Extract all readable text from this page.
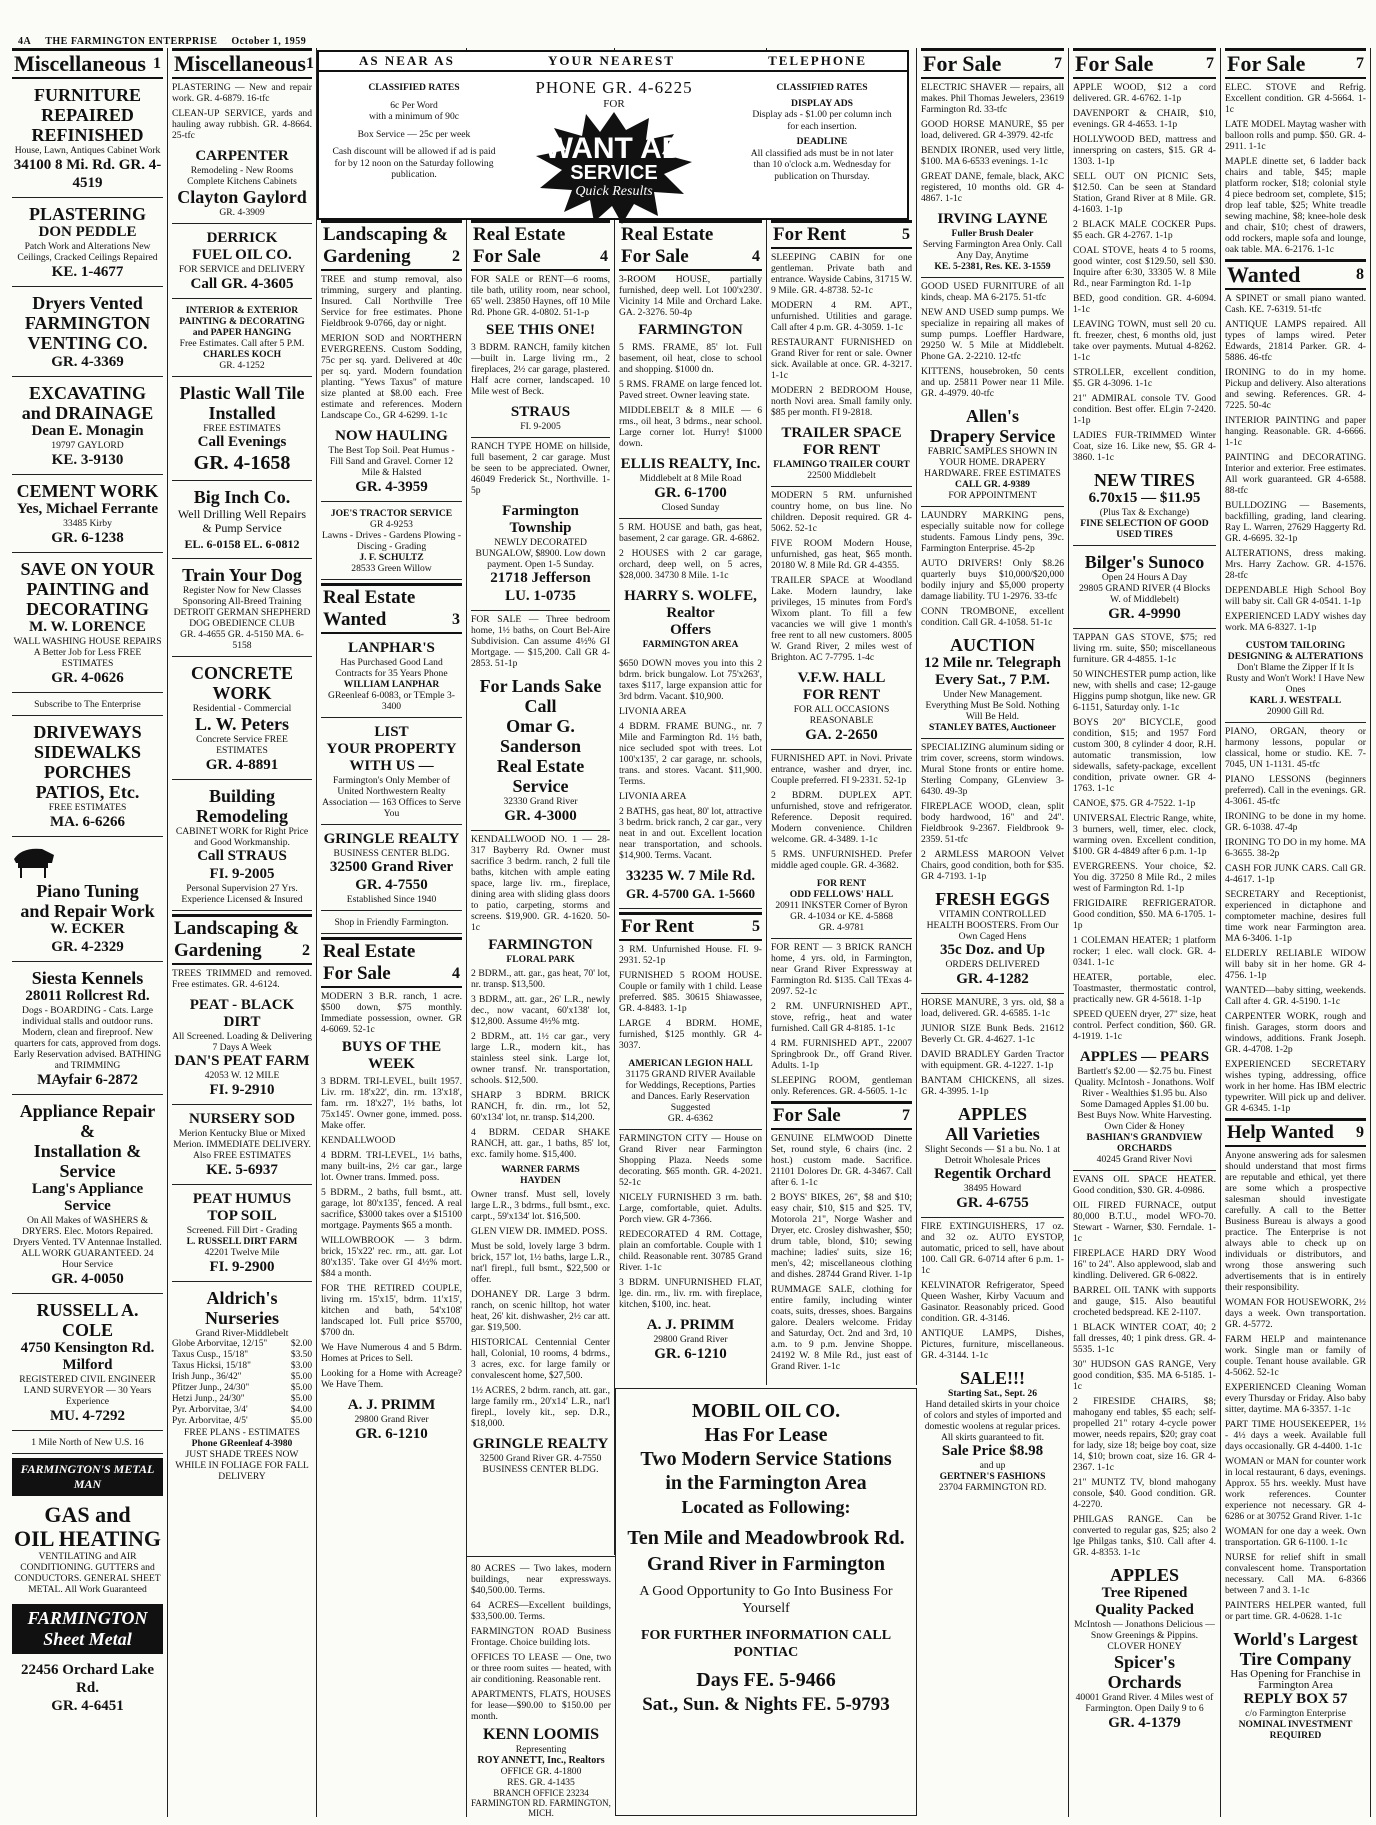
4A THE FARMINGTON ENTERPRISE October 1, 1959
Miscellaneous 1
FURNITURE REPAIRED
REFINISHED
House, Lawn, Antiques Cabinet Work
34100 8 Mi. Rd. GR. 4-4519
PLASTERING
DON PEDDLE
Patch Work and Alterations New Ceilings, Cracked Ceilings Repaired
KE. 1-4677
Dryers Vented
FARMINGTON VENTING CO.
GR. 4-3369
EXCAVATING
and DRAINAGE
Dean E. Monagin
19797 GAYLORD
KE. 3-9130
CEMENT WORK
Yes, Michael Ferrante
33485 Kirby
GR. 6-1238
SAVE ON YOUR PAINTING and DECORATING
M. W. LORENCE
WALL WASHING HOUSE REPAIRS A Better Job for Less FREE ESTIMATES
GR. 4-0626
Subscribe to The Enterprise
DRIVEWAYS
SIDEWALKS PORCHES PATIOS, Etc.
FREE ESTIMATES
MA. 6-6266
Piano Tuning
and Repair Work
W. ECKER
GR. 4-2329
Siesta Kennels
28011 Rollcrest Rd.
Dogs - BOARDING - Cats. Large individual stalls and outdoor runs. Modern, clean and fireproof. New quarters for cats, approved from dogs. Early Reservation advised. BATHING and TRIMMING
MAyfair 6-2872
Appliance Repair &
Installation & Service
Lang's Appliance Service
On All Makes of WASHERS & DRYERS. Elec. Motors Repaired. Dryers Vented. TV Antennae Installed. ALL WORK GUARANTEED. 24 Hour Service
GR. 4-0050
RUSSELL A. COLE
4750 Kensington Rd. Milford
REGISTERED CIVIL ENGINEER LAND SURVEYOR — 30 Years Experience
MU. 4-7292
1 Mile North of New U.S. 16
FARMINGTON'S METAL MAN
GAS and
OIL HEATING
VENTILATING and AIR CONDITIONING. GUTTERS and CONDUCTORS. GENERAL SHEET METAL. All Work Guaranteed
FARMINGTON Sheet Metal
22456 Orchard Lake Rd.
GR. 4-6451
Miscellaneous 1
PLASTERING — New and repair work. GR. 4-6879. 16-tfc
CLEAN-UP SERVICE, yards and hauling away rubbish. GR. 4-8664. 25-tfc
CARPENTER
Remodeling - New Rooms Complete Kitchens Cabinets
Clayton Gaylord
GR. 4-3909
DERRICK
FUEL OIL CO.
FOR SERVICE and DELIVERY
Call GR. 4-3605
INTERIOR & EXTERIOR PAINTING & DECORATING and PAPER HANGING
Free Estimates. Call after 5 P.M.
CHARLES KOCH
GR. 4-1252
Plastic Wall Tile
Installed
FREE ESTIMATES
Call Evenings
GR. 4-1658
Big Inch Co.
Well Drilling Well Repairs & Pump Service
EL. 6-0158 EL. 6-0812
Train Your Dog
Register Now for New Classes Sponsoring All-Breed Training DETROIT GERMAN SHEPHERD DOG OBEDIENCE CLUB
GR. 4-4655 GR. 4-5150 MA. 6-5158
CONCRETE
WORK
Residential - Commercial
L. W. Peters
Concrete Service FREE ESTIMATES
GR. 4-8891
Building
Remodeling
CABINET WORK for Right Price and Good Workmanship.
Call STRAUS
FI. 9-2005
Personal Supervision 27 Yrs. Experience Licensed & Insured
Landscaping &
Gardening	2
TREES TRIMMED and removed. Free estimates. GR. 4-6124.
PEAT - BLACK DIRT
All Screened. Loading & Delivering 7 Days A Week
DAN'S PEAT FARM
42053 W. 12 MILE
FI. 9-2910
NURSERY SOD
Merion Kentucky Blue or Mixed Merion. IMMEDIATE DELIVERY. Also FREE ESTIMATES
KE. 5-6937
PEAT HUMUS
TOP SOIL
Screened. Fill Dirt - Grading
L. RUSSELL DIRT FARM
42201 Twelve Mile
FI. 9-2900
Aldrich's
Nurseries
Grand River-Middlebelt
Globe Arborvitae, 12/15"	$2.00
Taxus Cusp., 15/18"	$3.50
Taxus Hicksi, 15/18"	$3.00
Irish Junp., 36/42"	$5.00
Pfitzer Junp., 24/30"	$5.00
Hetzi Junp., 24/30"	$5.00
Pyr. Arborvitae, 3/4'	$4.00
Pyr. Arborvitae, 4/5'	$5.00
FREE PLANS - ESTIMATES
Phone GReenleaf 4-3980
JUST SHADE TREES NOW WHILE IN FOLIAGE FOR FALL DELIVERY
Landscaping &
Gardening	2
TREE and stump removal, also trimming, surgery and planting. Insured. Call Northville Tree Service for free estimates. Phone Fieldbrook 9-0766, day or night.
MERION SOD and NORTHERN EVERGREENS. Custom Sodding, 75c per sq. yard. Delivered at 40c per sq. yard. Modern foundation planting. "Yews Taxus" of mature size planted at $8.00 each. Free estimate and references. Modern Landscape Co., GR 4-6299. 1-1c
NOW HAULING
The Best Top Soil. Peat Humus - Fill Sand and Gravel. Corner 12 Mile & Halsted
GR. 4-3959
JOE'S TRACTOR SERVICE
GR 4-9253
Lawns - Drives - Gardens Plowing - Discing - Grading
J. F. SCHULTZ
28533 Green Willow
Real Estate
Wanted	3
LANPHAR'S
Has Purchased Good Land Contracts for 35 Years Phone
WILLIAM LANPHAR
GReenleaf 6-0083, or TEmple 3-3400
LIST
YOUR PROPERTY WITH US —
Farmington's Only Member of United Northwestern Realty Association — 163 Offices to Serve You
GRINGLE REALTY
BUSINESS CENTER BLDG.
32500 Grand River
GR. 4-7550
Established Since 1940
Shop in Friendly Farmington.
Real Estate
For Sale	4
MODERN 3 B.R. ranch, 1 acre. $500 down, $75 monthly. Immediate possession, owner. GR 4-6069. 52-1c
BUYS OF THE WEEK
3 BDRM. TRI-LEVEL, built 1957. Liv. rm. 18'x22', din. rm. 13'x18', fam. rm. 18'x27', 1½ baths, lot 75x145'. Owner gone, immed. poss. Make offer.
KENDALLWOOD
4 BDRM. TRI-LEVEL, 1½ baths, many built-ins, 2½ car gar., large lot. Owner trans. Immed. poss.
5 BDRM., 2 baths, full bsmt., att. garage, lot 80'x135', fenced. A real sacrifice, $3000 takes over a $15100 mortgage. Payments $65 a month.
WILLOWBROOK — 3 bdrm. brick, 15'x22' rec. rm., att. gar. Lot 80'x135'. Take over GI 4½% mort. $84 a month.
FOR THE RETIRED COUPLE, living rm. 15'x15', bdrm. 11'x15', kitchen and bath, 54'x108' landscaped lot. Full price $5700, $700 dn.
We Have Numerous 4 and 5 Bdrm. Homes at Prices to Sell.
Looking for a Home with Acreage? We Have Them.
A. J. PRIMM
29800 Grand River
GR. 6-1210
Real Estate
For Sale	4
FOR SALE or RENT—6 rooms, tile bath, utility room, near school, 65' well. 23850 Haynes, off 10 Mile Rd. Phone GR. 4-0802. 51-1-p
SEE THIS ONE!
3 BDRM. RANCH, family kitchen—built in. Large living rm., 2 fireplaces, 2½ car garage, plastered. Half acre corner, landscaped. 10 Mile west of Beck.
STRAUS
FI. 9-2005
RANCH TYPE HOME on hillside, full basement, 2 car garage. Must be seen to be appreciated. Owner, 46049 Frederick St., Northville. 1-5p
Farmington Township
NEWLY DECORATED BUNGALOW, $8900. Low down payment. Open 1-5 Sunday.
21718 Jefferson
LU. 1-0735
FOR SALE — Three bedroom home, 1½ baths, on Court Bel-Aire Subdivision. Can assume 4½% GI Mortgage. — $15,200. Call GR 4-2853. 51-1p
For Lands Sake
Call
Omar G. Sanderson
Real Estate Service
32330 Grand River
GR. 4-3000
KENDALLWOOD NO. 1 — 28-317 Bayberry Rd. Owner must sacrifice 3 bedrm. ranch, 2 full tile baths, kitchen with ample eating space, large liv. rm., fireplace, dining area with sliding glass doors to patio, carpeting, storms and screens. $19,900. GR. 4-1620. 50-1c
FARMINGTON
FLORAL PARK
2 BDRM., att. gar., gas heat, 70' lot, nr. transp. $13,500.
3 BDRM., att. gar., 26' L.R., newly dec., now vacant, 60'x138' lot, $12,800. Assume 4½% mtg.
2 BDRM., att. 1½ car gar., very large L.R., modern kit., has stainless steel sink. Large lot, owner transf. Nr. transportation, schools. $12,500.
SHARP 3 BDRM. BRICK RANCH, fr. din. rm., lot 52, 60'x134' lot, nr. transp. $14,200.
4 BDRM. CEDAR SHAKE RANCH, att. gar., 1 baths, 85' lot, exc. family home. $15,400.
WARNER FARMS
HAYDEN
Owner transf. Must sell, lovely large L.R., 3 bdrms., full bsmt., exc. carpt., 59'x134' lot. $16,500.
GLEN VIEW DR. IMMED. POSS.
Must be sold, lovely large 3 bdrm. brick, 157' lot, 1½ baths, large L.R., nat'l firepl., full bsmt., $22,500 or offer.
DOHANEY DR. Large 3 bdrm. ranch, on scenic hilltop, hot water heat, 26' kit. dishwasher, 2½ car att. gar. $19,500.
HISTORICAL Centennial Center hall, Colonial, 10 rooms, 4 bdrms., 3 acres, exc. for large family or convalescent home, $27,500.
1½ ACRES, 2 bdrm. ranch, att. gar., large family rm., 20'x14' L.R., nat'l firepl., lovely kit., sep. D.R., $18,000.
GRINGLE REALTY
32500 Grand River GR. 4-7550
BUSINESS CENTER BLDG.
Real Estate
For Sale	4
3-ROOM HOUSE, partially furnished, deep well. Lot 100'x230'. Vicinity 14 Mile and Orchard Lake. GA. 2-3276. 50-4p
FARMINGTON
5 RMS. FRAME, 85' lot. Full basement, oil heat, close to school and shopping. $1000 dn.
5 RMS. FRAME on large fenced lot. Paved street. Owner leaving state.
MIDDLEBELT & 8 MILE — 6 rms., oil heat, 3 bdrms., near school. Large corner lot. Hurry! $1000 down.
ELLIS REALTY, Inc.
Middlebelt at 8 Mile Road
GR. 6-1700
Closed Sunday
5 RM. HOUSE and bath, gas heat, basement, 2 car garage. GR. 4-6862.
2 HOUSES with 2 car garage, orchard, deep well, on 5 acres, $28,000. 34730 8 Mile. 1-1c
HARRY S. WOLFE,
Realtor
Offers
FARMINGTON AREA
$650 DOWN moves you into this 2 bdrm. brick bungalow. Lot 75'x263', taxes $117, large expansion attic for 3rd bdrm. Vacant. $10,900.
LIVONIA AREA
4 BDRM. FRAME BUNG., nr. 7 Mile and Farmington Rd. 1½ bath, nice secluded spot with trees. Lot 100'x135', 2 car garage, nr. schools, trans. and stores. Vacant. $11,900. Terms.
LIVONIA AREA
2 BATHS, gas heat, 80' lot, attractive 3 bedrm. brick ranch, 2 car gar., very neat in and out. Excellent location near transportation, and schools. $14,900. Terms. Vacant.
33235 W. 7 Mile Rd.
GR. 4-5700 GA. 1-5660
For Rent	5
3 RM. Unfurnished House. FI. 9-2931. 52-1p
FURNISHED 5 ROOM HOUSE. Couple or family with 1 child. Lease preferred. $85. 30615 Shiawassee, GR. 4-8483. 1-1p
LARGE 4 BDRM. HOME, furnished, $125 monthly. GR 4-3037.
AMERICAN LEGION HALL
31175 GRAND RIVER Available for Weddings, Receptions, Parties and Dances. Early Reservation Suggested
GR. 4-6362
FARMINGTON CITY — House on Grand River near Farmington Shopping Plaza. Needs some decorating. $65 month. GR. 4-2021. 52-1c
NICELY FURNISHED 3 rm. bath. Large, comfortable, quiet. Adults. Porch view. GR 4-7366.
REDECORATED 4 RM. Cottage, plain an comfortable. Couple with 1 child. Reasonable rent. 30785 Grand River. 1-1c
3 BDRM. UNFURNISHED FLAT, lge. din. rm., liv. rm. with fireplace, kitchen, $100, inc. heat.
A. J. PRIMM
29800 Grand River
GR. 6-1210
For Rent	5
SLEEPING CABIN for one gentleman. Private bath and entrance. Wayside Cabins, 31715 W. 9 Mile. GR. 4-8738. 52-1c
MODERN 4 RM. APT., unfurnished. Utilities and garage. Call after 4 p.m. GR. 4-3059. 1-1c
RESTAURANT FURNISHED on Grand River for rent or sale. Owner sick. Available at once. GR. 4-3217. 1-1c
MODERN 2 BEDROOM House, north Novi area. Small family only. $85 per month. FI 9-2818.
TRAILER SPACE
FOR RENT
FLAMINGO TRAILER COURT
22500 Middlebelt
MODERN 5 RM. unfurnished country home, on bus line. No children. Deposit required. GR 4-5062. 52-1c
FIVE ROOM Modern House, unfurnished, gas heat, $65 month. 20180 W. 8 Mile Rd. GR 4-4355.
TRAILER SPACE at Woodland Lake. Modern laundry, lake privileges, 15 minutes from Ford's Wixom plant. To fill a few vacancies we will give 1 month's free rent to all new customers. 8005 W. Grand River, 2 miles west of Brighton. AC 7-7795. 1-4c
V.F.W. HALL
FOR RENT
FOR ALL OCCASIONS REASONABLE
GA. 2-2650
FURNISHED APT. in Novi. Private entrance, washer and dryer, inc. Couple preferred. FI 9-2331. 52-1p
2 BDRM. DUPLEX APT. unfurnished, stove and refrigerator. Reference. Deposit required. Modern convenience. Children welcome. GR. 4-3489. 1-1c
5 RMS. UNFURNISHED. Prefer middle aged couple. GR. 4-3682.
FOR RENT
ODD FELLOWS' HALL
20911 INKSTER Corner of Byron
GR. 4-1034 or KE. 4-5868
GR. 4-9781
FOR RENT — 3 BRICK RANCH home, 4 yrs. old, in Farmington, near Grand River Expressway at Farmington Rd. $135. Call TExas 4-2097. 52-1c
2 RM. UNFURNISHED APT., stove, refrig., heat and water furnished. Call GR 4-8185. 1-1c
4 RM. FURNISHED APT., 22007 Springbrook Dr., off Grand River. Adults. 1-1p
SLEEPING ROOM, gentleman only. References. GR. 4-5605. 1-1c
For Sale	7
GENUINE ELMWOOD Dinette Set, round style, 6 chairs (inc. 2 host.) custom made. Sacrifice. 21101 Dolores Dr. GR. 4-3467. Call after 6. 1-1c
2 BOYS' BIKES, 26", $8 and $10; easy chair, $10, $15 and $25. TV, Motorola 21", Norge Washer and Dryer, etc. Crosley dishwasher, $50; drum table, blond, $10; sewing machine; ladies' suits, size 16; men's, 42; miscellaneous clothing and dishes. 28744 Grand River. 1-1p
RUMMAGE SALE, clothing for entire family, including winter coats, suits, dresses, shoes. Bargains galore. Dealers welcome. Friday and Saturday, Oct. 2nd and 3rd, 10 a.m. to 9 p.m. Jenvine Shoppe. 24192 W. 8 Mile Rd., just east of Grand River. 1-1c
MOBIL OIL CO.
Has For Lease
Two Modern Service Stations
in the Farmington Area
Located as Following:
Ten Mile and Meadowbrook Rd.
Grand River in Farmington
A Good Opportunity to Go Into Business For Yourself
FOR FURTHER INFORMATION CALL PONTIAC
Days FE. 5-9466
Sat., Sun. & Nights FE. 5-9793
80 ACRES — Two lakes, modern buildings, near expressways. $40,500.00. Terms.
64 ACRES—Excellent buildings, $33,500.00. Terms.
FARMINGTON ROAD Business Frontage. Choice building lots.
OFFICES TO LEASE — One, two or three room suites — heated, with air conditioning. Reasonable rent.
APARTMENTS, FLATS, HOUSES for lease—$90.00 to $150.00 per month.
KENN LOOMIS
Representing
ROY ANNETT, Inc., Realtors
OFFICE GR. 4-1800
RES. GR. 4-1435
BRANCH OFFICE 23234 FARMINGTON RD. FARMINGTON, MICH.
For Sale	7
ELECTRIC SHAVER — repairs, all makes. Phil Thomas Jewelers, 23619 Farmington Rd. 33-tfc
GOOD HORSE MANURE, $5 per load, delivered. GR 4-3979. 42-tfc
BENDIX IRONER, used very little, $100. MA 6-6533 evenings. 1-1c
GREAT DANE, female, black, AKC registered, 10 months old. GR 4-4867. 1-1c
IRVING LAYNE
Fuller Brush Dealer
Serving Farmington Area Only. Call Any Day, Anytime
KE. 5-2381, Res. KE. 3-1559
GOOD USED FURNITURE of all kinds, cheap. MA 6-2175. 51-tfc
NEW AND USED sump pumps. We specialize in repairing all makes of sump pumps. Loeffler Hardware, 29250 W. 5 Mile at Middlebelt. Phone GA. 2-2210. 12-tfc
KITTENS, housebroken, 50 cents and up. 25811 Power near 11 Mile. GR. 4-4979. 40-tfc
Allen's
Drapery Service
FABRIC SAMPLES SHOWN IN YOUR HOME. DRAPERY HARDWARE. FREE ESTIMATES
CALL GR. 4-9389
FOR APPOINTMENT
LAUNDRY MARKING pens, especially suitable now for college students. Famous Lindy pens, 39c. Farmington Enterprise. 45-2p
AUTO DRIVERS! Only $8.26 quarterly buys $10,000/$20,000 bodily injury and $5,000 property damage liability. TU 1-2976. 33-tfc
CONN TROMBONE, excellent condition. Call GR. 4-1058. 51-1c
AUCTION
12 Mile nr. Telegraph
Every Sat., 7 P.M.
Under New Management. Everything Must Be Sold. Nothing Will Be Held.
STANLEY BATES, Auctioneer
SPECIALIZING aluminum siding or trim cover, screens, storm windows. Mural Stone fronts or entire home. Sterling Company, GLenview 3-6430. 49-3p
FIREPLACE WOOD, clean, split body hardwood, 16" and 24". Fieldbrook 9-2367. Fieldbrook 9-2359. 51-tfc
2 ARMLESS MAROON Velvet Chairs, good condition, both for $35. GR 4-7193. 1-1p
FRESH EGGS
VITAMIN CONTROLLED HEALTH BOOSTERS. From Our Own Caged Hens
35c Doz. and Up
ORDERS DELIVERED
GR. 4-1282
HORSE MANURE, 3 yrs. old, $8 a load, delivered. GR. 4-6585. 1-1c
JUNIOR SIZE Bunk Beds. 21612 Beverly Ct. GR. 4-4627. 1-1c
DAVID BRADLEY Garden Tractor with equipment. GR. 4-1227. 1-1p
BANTAM CHICKENS, all sizes. GR. 4-3995. 1-1p
APPLES
All Varieties
Slight Seconds — $1 a bu. No. 1 at Detroit Wholesale Prices
Regentik Orchard
38495 Howard
GR. 4-6755
FIRE EXTINGUISHERS, 17 oz. and 32 oz. AUTO EYSTOP, automatic, priced to sell, have about 100. Call GR. 6-0714 after 6 p.m. 1-1c
KELVINATOR Refrigerator, Speed Queen Washer, Kirby Vacuum and Gasinator. Reasonably priced. Good condition. GR. 4-3146.
ANTIQUE LAMPS, Dishes, Pictures, furniture, miscellaneous. GR. 4-3144. 1-1c
SALE!!!
Starting Sat., Sept. 26
Hand detailed skirts in your choice of colors and styles of imported and domestic woolens at regular prices. All skirts guaranteed to fit.
Sale Price $8.98
and up
GERTNER'S FASHIONS
23704 FARMINGTON RD.
For Sale	7
APPLE WOOD, $12 a cord delivered. GR. 4-6762. 1-1p
DAVENPORT & CHAIR, $10, evenings. GR 4-4653. 1-1p
HOLLYWOOD BED, mattress and innerspring on casters, $15. GR 4-1303. 1-1p
SELL OUT ON PICNIC Sets, $12.50. Can be seen at Standard Station, Grand River at 8 Mile. GR. 4-1603. 1-1p
2 BLACK MALE COCKER Pups. $5 each. GR 4-2767. 1-1p
COAL STOVE, heats 4 to 5 rooms, good winter, cost $129.50, sell $30. Inquire after 6:30, 33305 W. 8 Mile Rd., near Farmington Rd. 1-1p
BED, good condition. GR. 4-6094. 1-1c
LEAVING TOWN, must sell 20 cu. ft. freezer, chest, 6 months old, just take over payments. Mutual 4-8262. 1-1c
STROLLER, excellent condition, $5. GR 4-3096. 1-1c
21" ADMIRAL console TV. Good condition. Best offer. ELgin 7-2420. 1-1p
LADIES FUR-TRIMMED Winter Coat, size 16. Like new, $5. GR 4-3860. 1-1c
NEW TIRES
6.70x15 — $11.95
(Plus Tax & Exchange)
FINE SELECTION OF GOOD USED TIRES
Bilger's Sunoco
Open 24 Hours A Day
29805 GRAND RIVER (4 Blocks W. of Middlebelt)
GR. 4-9990
TAPPAN GAS STOVE, $75; red living rm. suite, $50; miscellaneous furniture. GR 4-4855. 1-1c
50 WINCHESTER pump action, like new, with shells and case; 12-gauge Higgins pump shotgun, like new. GR 6-1151, Saturday only. 1-1c
BOYS 20" BICYCLE, good condition, $15; and 1957 Ford custom 300, 8 cylinder 4 door, R.H. automatic transmission, low sidewalls, safety-package, excellent condition, private owner. GR 4-1763. 1-1c
CANOE, $75. GR 4-7522. 1-1p
UNIVERSAL Electric Range, white, 3 burners, well, timer, elec. clock, warming oven. Excellent condition, $100. GR 4-4849 after 6 p.m. 1-1p
EVERGREENS. Your choice, $2. You dig. 37250 8 Mile Rd., 2 miles west of Farmington Rd. 1-1p
FRIGIDAIRE REFRIGERATOR. Good condition, $50. MA 6-1705. 1-1p
1 COLEMAN HEATER; 1 platform rocker; 1 elec. wall clock. GR. 4-0341. 1-1c
HEATER, portable, elec. Toastmaster, thermostatic control, practically new. GR 4-5618. 1-1p
SPEED QUEEN dryer, 27" size, heat control. Perfect condition, $60. GR. 4-1919. 1-1c
APPLES — PEARS
Bartlett's $2.00 — $2.75 bu. Finest Quality. McIntosh - Jonathons. Wolf River - Wealthies $1.95 bu. Also Some Damaged Apples $1.00 bu. Best Buys Now. White Harvesting. Own Cider & Honey
BASHIAN'S GRANDVIEW ORCHARDS
40245 Grand River Novi
EVANS OIL SPACE HEATER. Good condition, $30. GR. 4-0986.
OIL FIRED FURNACE, output 80,000 B.T.U., model WFO-70. Stewart - Warner, $30. Ferndale. 1-1c
FIREPLACE HARD DRY Wood 16" to 24". Also applewood, slab and kindling. Delivered. GR 6-0822.
BARREL OIL TANK with supports and gauge, $15. Also beautiful crocheted bedspread. KE 2-1107.
1 BLACK WINTER COAT, 40; 2 fall dresses, 40; 1 pink dress. GR. 4-5535. 1-1c
30" HUDSON GAS RANGE, Very good condition, $35. MA 6-5185. 1-1c
2 FIRESIDE CHAIRS, $8; mahogany end tables, $5 each; self-propelled 21" rotary 4-cycle power mower, needs repairs, $20; gray coat for lady, size 18; beige boy coat, size 14, $10; brown coat, size 16. GR 4-2367. 1-1c
21" MUNTZ TV, blond mahogany console, $40. Good condition. GR. 4-2270.
PHILGAS RANGE. Can be converted to regular gas, $25; also 2 lge Philgas tanks, $10. Call after 4. GR. 4-8353. 1-1c
APPLES
Tree Ripened
Quality Packed
McIntosh — Jonathons Delicious — Snow Greenings & Pippins. CLOVER HONEY
Spicer's
Orchards
40001 Grand River. 4 Miles west of Farmington. Open Daily 9 to 6
GR. 4-1379
For Sale	7
ELEC. STOVE and Refrig. Excellent condition. GR 4-5664. 1-1c
LATE MODEL Maytag washer with balloon rolls and pump. $50. GR. 4-2911. 1-1c
MAPLE dinette set, 6 ladder back chairs and table, $45; maple platform rocker, $18; colonial style 4 piece bedroom set, complete, $15; drop leaf table, $25; White treadle sewing machine, $8; knee-hole desk and chair, $10; chest of drawers, odd rockers, maple sofa and lounge, oak table. MA. 6-2176. 1-1c
Wanted	8
A SPINET or small piano wanted. Cash. KE. 7-6319. 51-tfc
ANTIQUE LAMPS repaired. All types of lamps wired. Peter Edwards, 21814 Parker. GR. 4-5886. 46-tfc
IRONING to do in my home. Pickup and delivery. Also alterations and sewing. References. GR. 4-7225. 50-4c
INTERIOR PAINTING and paper hanging. Reasonable. GR. 4-6666. 1-1c
PAINTING and DECORATING. Interior and exterior. Free estimates. All work guaranteed. GR 4-6588. 88-tfc
BULLDOZING — Basements, backfilling, grading, land clearing. Ray L. Warren, 27629 Haggerty Rd. GR. 4-6695. 32-1p
ALTERATIONS, dress making. Mrs. Harry Zachow. GR. 4-1576. 28-tfc
DEPENDABLE High School Boy will baby sit. Call GR 4-0541. 1-1p
EXPERIENCED LADY wishes day work. MA 6-8327. 1-1p
CUSTOM TAILORING DESIGNING & ALTERATIONS
Don't Blame the Zipper If It Is Rusty and Won't Work! I Have New Ones
KARL J. WESTFALL
20900 Gill Rd.
PIANO, ORGAN, theory or harmony lessons, popular or classical, home or studio. KE. 7-7045, UN 1-1131. 45-tfc
PIANO LESSONS (beginners preferred). Call in the evenings. GR. 4-3061. 45-tfc
IRONING to be done in my home. GR. 6-1038. 47-4p
IRONING TO DO in my home. MA 6-3655. 38-2p
CASH FOR JUNK CARS. Call GR. 4-4617. 1-1p
SECRETARY and Receptionist, experienced in dictaphone and comptometer machine, desires full time work near Farmington area. MA 6-3406. 1-1p
ELDERLY RELIABLE WIDOW will baby sit in her home. GR 4-4756. 1-1p
WANTED—baby sitting, weekends. Call after 4. GR. 4-5190. 1-1c
CARPENTER WORK, rough and finish. Garages, storm doors and windows, additions. Frank Joseph. GR. 4-4708. 1-2p
EXPERIENCED SECRETARY wishes typing, addressing, office work in her home. Has IBM electric typewriter. Will pick up and deliver. GR 4-6345. 1-1p
Help Wanted 9
Anyone answering ads for salesmen should understand that most firms are reputable and ethical, yet there are some which a prospective salesman should investigate carefully. A call to the Better Business Bureau is always a good practice. The Enterprise is not always able to check up on individuals or distributors, and wrong those answering such advertisements that is in entirely their responsibility.
WOMAN FOR HOUSEWORK, 2½ days a week. Own transportation. GR. 4-5772.
FARM HELP and maintenance work. Single man or family of couple. Tenant house available. GR 4-5062. 52-1c
EXPERIENCED Cleaning Woman every Thursday or Friday. Also baby sitter, daytime. MA 6-3357. 1-1c
PART TIME HOUSEKEEPER, 1½ - 4½ days a week. Available full days occasionally. GR 4-4400. 1-1c
WOMAN or MAN for counter work in local restaurant, 6 days, evenings. Approx. 55 hrs. weekly. Must have work references. Counter experience not necessary. GR 4-6286 or at 30752 Grand River. 1-1c
WOMAN for one day a week. Own transportation. GR 6-1100. 1-1c
NURSE for relief shift in small convalescent home. Transportation necessary. Call MA. 6-8366 between 7 and 3. 1-1c
PAINTERS HELPER wanted, full or part time. GR. 4-0628. 1-1c
World's Largest
Tire Company
Has Opening for Franchise in Farmington Area
REPLY BOX 57
c/o Farmington Enterprise
NOMINAL INVESTMENT REQUIRED
AS NEAR AS	YOUR NEAREST	TELEPHONE
CLASSIFIED RATES
6c Per Word
with a minimum of 90c
Box Service — 25c per week
Cash discount will be allowed if ad is paid for by 12 noon on the Saturday following publication.
PHONE GR. 4-6225
FOR
WANT AD
SERVICE
Quick Results
CLASSIFIED RATES
DISPLAY ADS
Display ads - $1.00 per column inch for each insertion.
DEADLINE
All classified ads must be in not later than 10 o'clock a.m. Wednesday for publication on Thursday.
